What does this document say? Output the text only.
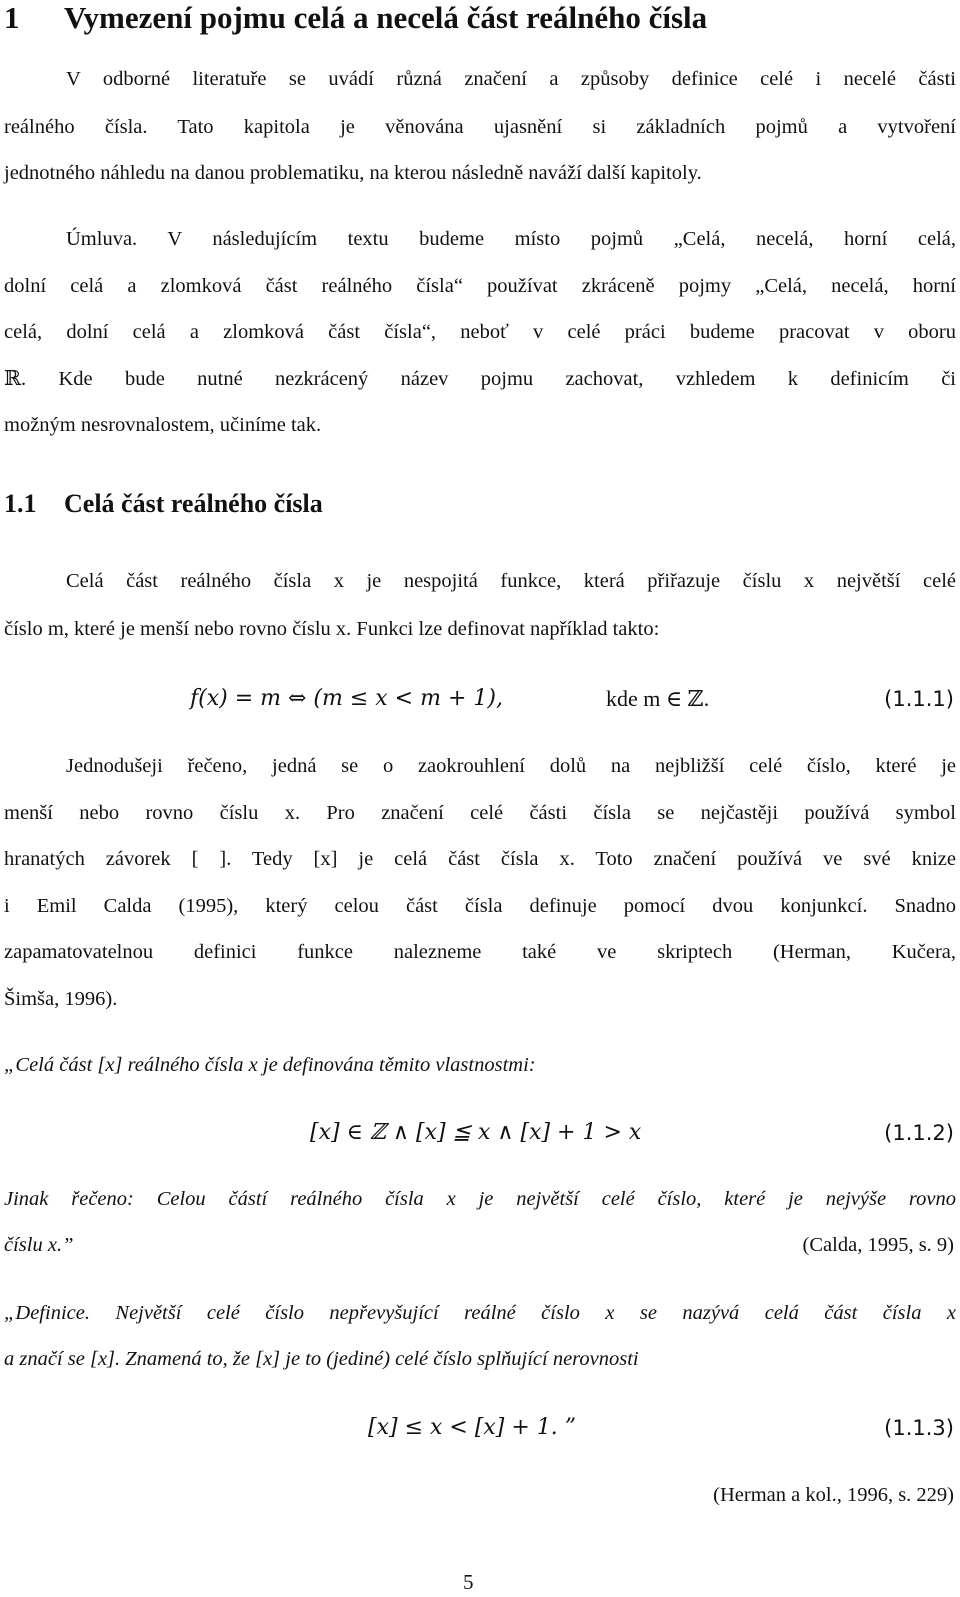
1 Vymezení pojmu celá a necelá část reálného čísla
V odborné literatuře se uvádí různá značení a způsoby definice celé i necelé části
reálného čísla. Tato kapitola je věnována ujasnění si základních pojmů a vytvoření
jednotného náhledu na danou problematiku, na kterou následně naváží další kapitoly.
Úmluva. V následujícím textu budeme místo pojmů „Celá, necelá, horní celá,
dolní celá a zlomková část reálného čísla“ používat zkráceně pojmy „Celá, necelá, horní
celá, dolní celá a zlomková část čísla“, neboť v celé práci budeme pracovat v oboru
ℝ. Kde bude nutné nezkrácený název pojmu zachovat, vzhledem k definicím či
možným nesrovnalostem, učiníme tak.
1.1 Celá část reálného čísla
Celá část reálného čísla x je nespojitá funkce, která přiřazuje číslu x největší celé
číslo m, které je menší nebo rovno číslu x. Funkci lze definovat například takto:
f(x) = m ⇔ (m ≤ x < m + 1),	kde m ∈ ℤ.	(1.1.1)
Jednodušeji řečeno, jedná se o zaokrouhlení dolů na nejbližší celé číslo, které je
menší nebo rovno číslu x. Pro značení celé části čísla se nejčastěji používá symbol
hranatých závorek [ ]. Tedy [x] je celá část čísla x. Toto značení používá ve své knize
i Emil Calda (1995), který celou část čísla definuje pomocí dvou konjunkcí. Snadno
zapamatovatelnou definici funkce nalezneme také ve skriptech (Herman, Kučera,
Šimša, 1996).
„Celá část [x] reálného čísla x je definována těmito vlastnostmi:
[x] ∈ ℤ ∧ [x] ≦ x ∧ [x] + 1 > x	(1.1.2)
Jinak řečeno: Celou částí reálného čísla x je největší celé číslo, které je nejvýše rovno
číslu x.”	(Calda, 1995, s. 9)
„Definice. Největší celé číslo nepřevyšující reálné číslo x se nazývá celá část čísla x
a značí se [x]. Znamená to, že [x] je to (jediné) celé číslo splňující nerovnosti
[x] ≤ x < [x] + 1. ”	(1.1.3)
(Herman a kol., 1996, s. 229)
5
